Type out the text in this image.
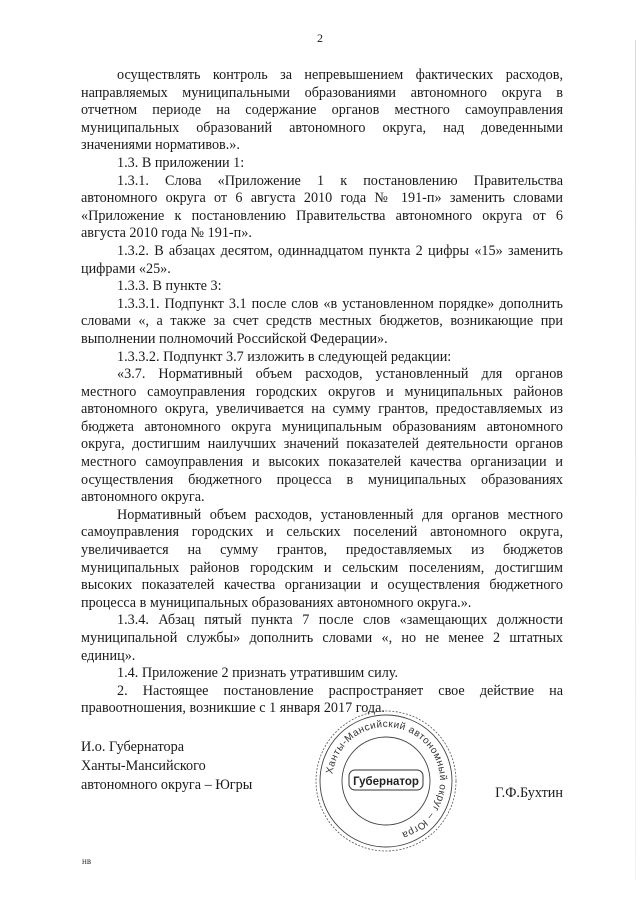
2

осуществлять контроль за непревышением фактических расходов, направляемых муниципальными образованиями автономного округа в отчетном периоде на содержание органов местного самоуправления муниципальных образований автономного округа, над доведенными значениями нормативов.».

1.3. В приложении 1:

1.3.1. Слова «Приложение 1 к постановлению Правительства автономного округа от 6 августа 2010 года № 191-п» заменить словами «Приложение к постановлению Правительства автономного округа от 6 августа 2010 года № 191-п».

1.3.2. В абзацах десятом, одиннадцатом пункта 2 цифры «15» заменить цифрами «25».

1.3.3. В пункте 3:

1.3.3.1. Подпункт 3.1 после слов «в установленном порядке» дополнить словами «, а также за счет средств местных бюджетов, возникающие при выполнении полномочий Российской Федерации».

1.3.3.2. Подпункт 3.7 изложить в следующей редакции:

«3.7. Нормативный объем расходов, установленный для органов местного самоуправления городских округов и муниципальных районов автономного округа, увеличивается на сумму грантов, предоставляемых из бюджета автономного округа муниципальным образованиям автономного округа, достигшим наилучших значений показателей деятельности органов местного самоуправления и высоких показателей качества организации и осуществления бюджетного процесса в муниципальных образованиях автономного округа.

Нормативный объем расходов, установленный для органов местного самоуправления городских и сельских поселений автономного округа, увеличивается на сумму грантов, предоставляемых из бюджетов муниципальных районов городским и сельским поселениям, достигшим высоких показателей качества организации и осуществления бюджетного процесса в муниципальных образованиях автономного округа.».

1.3.4. Абзац пятый пункта 7 после слов «замещающих должности муниципальной службы» дополнить словами «, но не менее 2 штатных единиц».

1.4. Приложение 2 признать утратившим силу.

2. Настоящее постановление распространяет свое действие на правоотношения, возникшие с 1 января 2017 года.

И.о. Губернатора
Ханты-Мансийского
автономного округа – Югры
Ханты-Мансийский автономный округ – Югра
Губернатор
Г.Ф.Бухтин
нв
